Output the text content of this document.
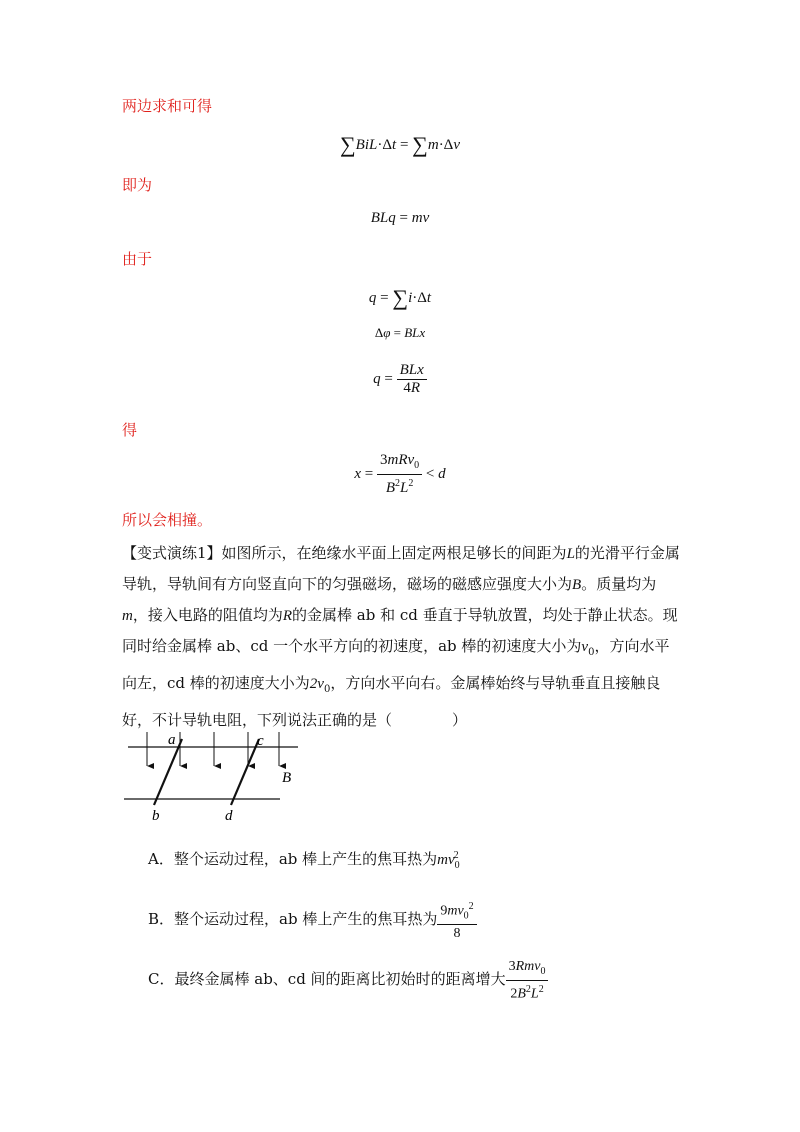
两边求和可得
∑BiL·Δt = ∑m·Δv
即为
BLq = mv
由于
q = ∑i·Δt
Δφ = BLx
$q = \frac{\text{BLx}}{4R}$
得
$x = \frac{3mRv_0}{B^2L^2} < d$
所以会相撞。
【变式演练1】如图所示，在绝缘水平面上固定两根足够长的间距为L的光滑平行金属导轨，导轨间有方向竖直向下的匀强磁场，磁场的磁感应强度大小为B。质量均为m，接入电路的阻值均为R的金属棒 ab 和 cd 垂直于导轨放置，均处于静止状态。现同时给金属棒 ab、cd 一个水平方向的初速度，ab 棒的初速度大小为$v_0$，方向水平向左，cd 棒的初速度大小为$2v_0$，方向水平向右。金属棒始终与导轨垂直且接触良好，不计导轨电阻，下列说法正确的是（　　　　）
a	c
B
b	d
A．整个运动过程，ab 棒上产生的焦耳热为$mv_0^2$
B．整个运动过程，ab 棒上产生的焦耳热为 $\frac{9mv_0^2}{8}$
C．最终金属棒 ab、cd 间的距离比初始时的距离增大 $\frac{3Rmv_0}{2B^2L^2}$
